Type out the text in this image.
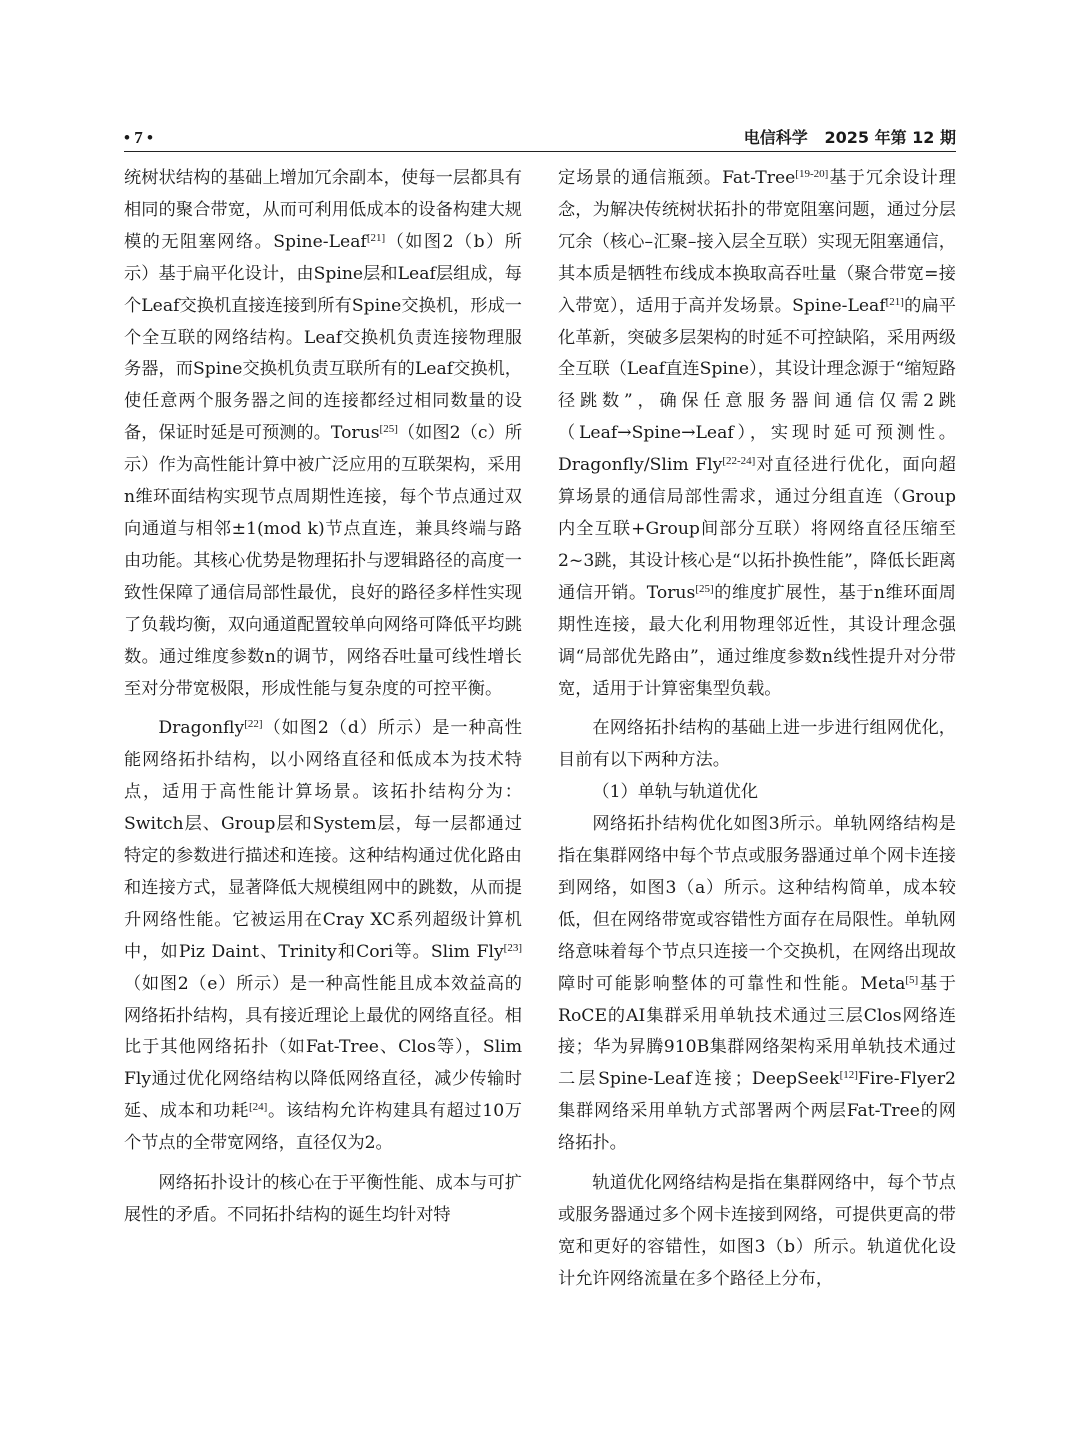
• 7 •	电信科学   2025 年第 12 期

统树状结构的基础上增加冗余副本，使每一层都具有相同的聚合带宽，从而可利用低成本的设备构建大规模的无阻塞网络。Spine-Leaf[21]（如图2（b）所示）基于扁平化设计，由Spine层和Leaf层组成，每个Leaf交换机直接连接到所有Spine交换机，形成一个全互联的网络结构。Leaf交换机负责连接物理服务器，而Spine交换机负责互联所有的Leaf交换机，使任意两个服务器之间的连接都经过相同数量的设备，保证时延是可预测的。Torus[25]（如图2（c）所示）作为高性能计算中被广泛应用的互联架构，采用n维环面结构实现节点周期性连接，每个节点通过双向通道与相邻±1(mod k)节点直连，兼具终端与路由功能。其核心优势是物理拓扑与逻辑路径的高度一致性保障了通信局部性最优，良好的路径多样性实现了负载均衡，双向通道配置较单向网络可降低平均跳数。通过维度参数n的调节，网络吞吐量可线性增长至对分带宽极限，形成性能与复杂度的可控平衡。

Dragonfly[22]（如图2（d）所示）是一种高性能网络拓扑结构，以小网络直径和低成本为技术特点，适用于高性能计算场景。该拓扑结构分为：Switch层、Group层和System层，每一层都通过特定的参数进行描述和连接。这种结构通过优化路由和连接方式，显著降低大规模组网中的跳数，从而提升网络性能。它被运用在Cray XC系列超级计算机中，如Piz Daint、Trinity和Cori等。Slim Fly[23]（如图2（e）所示）是一种高性能且成本效益高的网络拓扑结构，具有接近理论上最优的网络直径。相比于其他网络拓扑（如Fat-Tree、Clos等），Slim Fly通过优化网络结构以降低网络直径，减少传输时延、成本和功耗[24]。该结构允许构建具有超过10万个节点的全带宽网络，直径仅为2。

网络拓扑设计的核心在于平衡性能、成本与可扩展性的矛盾。不同拓扑结构的诞生均针对特

定场景的通信瓶颈。Fat-Tree[19-20]基于冗余设计理念，为解决传统树状拓扑的带宽阻塞问题，通过分层冗余（核心–汇聚–接入层全互联）实现无阻塞通信，其本质是牺牲布线成本换取高吞吐量（聚合带宽=接入带宽），适用于高并发场景。Spine-Leaf[21]的扁平化革新，突破多层架构的时延不可控缺陷，采用两级全互联（Leaf直连Spine），其设计理念源于“缩短路径跳数”，确保任意服务器间通信仅需2跳（Leaf→Spine→Leaf），实现时延可预测性。Dragonfly/Slim Fly[22-24]对直径进行优化，面向超算场景的通信局部性需求，通过分组直连（Group内全互联+Group间部分互联）将网络直径压缩至2~3跳，其设计核心是“以拓扑换性能”，降低长距离通信开销。Torus[25]的维度扩展性，基于n维环面周期性连接，最大化利用物理邻近性，其设计理念强调“局部优先路由”，通过维度参数n线性提升对分带宽，适用于计算密集型负载。

在网络拓扑结构的基础上进一步进行组网优化，目前有以下两种方法。

（1）单轨与轨道优化

网络拓扑结构优化如图3所示。单轨网络结构是指在集群网络中每个节点或服务器通过单个网卡连接到网络，如图3（a）所示。这种结构简单，成本较低，但在网络带宽或容错性方面存在局限性。单轨网络意味着每个节点只连接一个交换机，在网络出现故障时可能影响整体的可靠性和性能。Meta[5]基于RoCE的AI集群采用单轨技术通过三层Clos网络连接；华为昇腾910B集群网络架构采用单轨技术通过二层Spine-Leaf连接；DeepSeek[12]Fire-Flyer2集群网络采用单轨方式部署两个两层Fat-Tree的网络拓扑。

轨道优化网络结构是指在集群网络中，每个节点或服务器通过多个网卡连接到网络，可提供更高的带宽和更好的容错性，如图3（b）所示。轨道优化设计允许网络流量在多个路径上分布，
